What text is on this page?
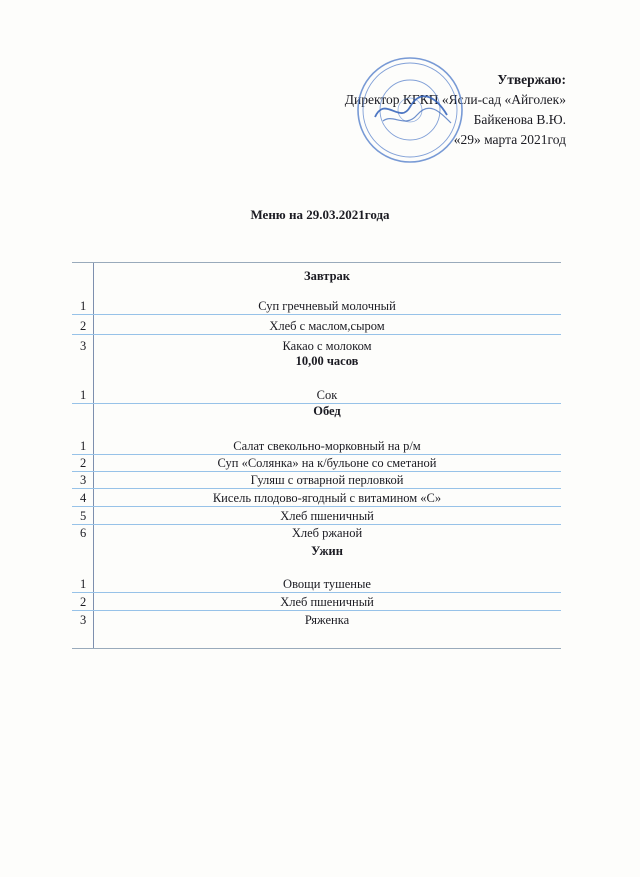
Утвержаю:
Директор КГКП «Ясли-сад «Айголек»
Байкенова В.Ю.
«29» марта 2021год
Меню на 29.03.2021года
Завтрак
1	Суп гречневый молочный
2	Хлеб с маслом,сыром
3	Какао с молоком
10,00 часов
1	Сок
Обед
1	Салат свекольно-морковный на р/м
2	Суп «Солянка» на к/бульоне со сметаной
3	Гуляш с отварной перловкой
4	Кисель плодово-ягодный с витамином «С»
5	Хлеб пшеничный
6	Хлеб ржаной
Ужин
1	Овощи тушеные
2	Хлеб пшеничный
3	Ряженка
